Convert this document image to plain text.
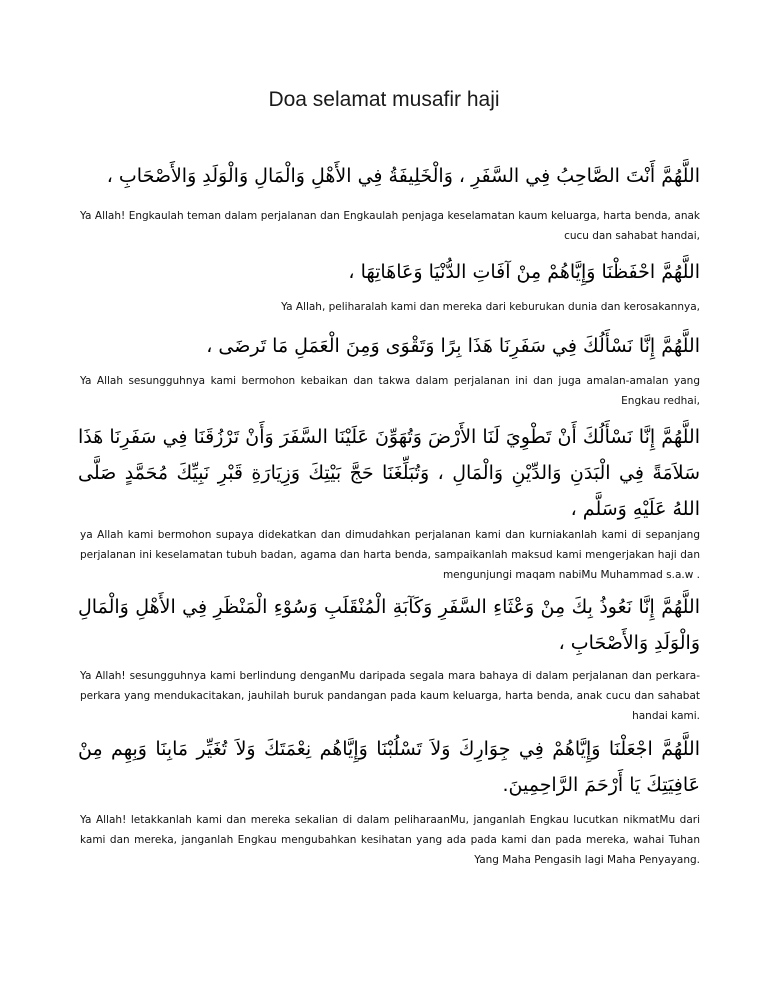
Doa selamat musafir haji
اللَّهُمَّ أَنْتَ الصَّاحِبُ فِي السَّفَرِ ، وَالْخَلِيفَةُ فِي الأَهْلِ وَالْمَالِ وَالْوَلَدِ وَالأَصْحَابِ ،
Ya Allah! Engkaulah teman dalam perjalanan dan Engkaulah penjaga keselamatan kaum keluarga, harta benda, anak cucu dan sahabat handai,
اللَّهُمَّ احْفَظْنَا وَإِيَّاهُمْ مِنْ آفَاتِ الدُّنْيَا وَعَاهَاتِهَا ،
Ya Allah, peliharalah kami dan mereka dari keburukan dunia dan kerosakannya,
اللَّهُمَّ إِنَّا نَسْأَلُكَ فِي سَفَرِنَا هَذَا بِرًا وَتَقْوَى وَمِنَ الْعَمَلِ مَا تَرضَى ،
Ya Allah sesungguhnya kami bermohon kebaikan dan takwa dalam perjalanan ini dan juga amalan-amalan yang Engkau redhai,
اللَّهُمَّ إِنَّا نَسْأَلُكَ أَنْ تَطْوِيَ لَنَا الأَرْضَ وَتُهَوِّنَ عَلَيْنَا السَّفَرَ وَأَنْ تَرْزُقَنَا فِي سَفَرِنَا هَذَا سَلاَمَةً فِي الْبَدَنِ وَالدِّيْنِ وَالْمَالِ ، وَتُبَلِّغَنَا حَجَّ بَيْتِكَ وَزِيَارَةِ قَبْرِ نَبِيِّكَ مُحَمَّدٍ صَلَّى اللهُ عَلَيْهِ وَسَلَّم ،
ya Allah kami bermohon supaya didekatkan dan dimudahkan perjalanan kami dan kurniakanlah kami di sepanjang perjalanan ini keselamatan tubuh badan, agama dan harta benda, sampaikanlah maksud kami mengerjakan haji dan mengunjungi maqam nabiMu Muhammad s.a.w .
اللَّهُمَّ إِنَّا نَعُوذُ بِكَ مِنْ وَعْثَاءِ السَّفَرِ وَكَآبَةِ الْمُنْقَلَبِ وَسُوْءِ الْمَنْظَرِ فِي الأَهْلِ وَالْمَالِ وَالْوَلَدِ وَالأَصْحَابِ ،
Ya Allah! sesungguhnya kami berlindung denganMu daripada segala mara bahaya di dalam perjalanan dan perkara- perkara yang mendukacitakan, jauhilah buruk pandangan pada kaum keluarga, harta benda, anak cucu dan sahabat handai kami.
اللَّهُمَّ اجْعَلْنَا وَإِيَّاهُمْ فِي جِوَارِكَ وَلاَ تَسْلُبْنَا وَإِيَّاهُم نِعْمَتَكَ وَلاَ تُغَيِّر مَابِنَا وَبِهِم مِنْ عَافِيَتِكَ يَا أَرْحَمَ الرَّاحِمِينَ.
Ya Allah! letakkanlah kami dan mereka sekalian di dalam peliharaanMu, janganlah Engkau lucutkan nikmatMu dari kami dan mereka, janganlah Engkau mengubahkan kesihatan yang ada pada kami dan pada mereka, wahai Tuhan Yang Maha Pengasih lagi Maha Penyayang.
